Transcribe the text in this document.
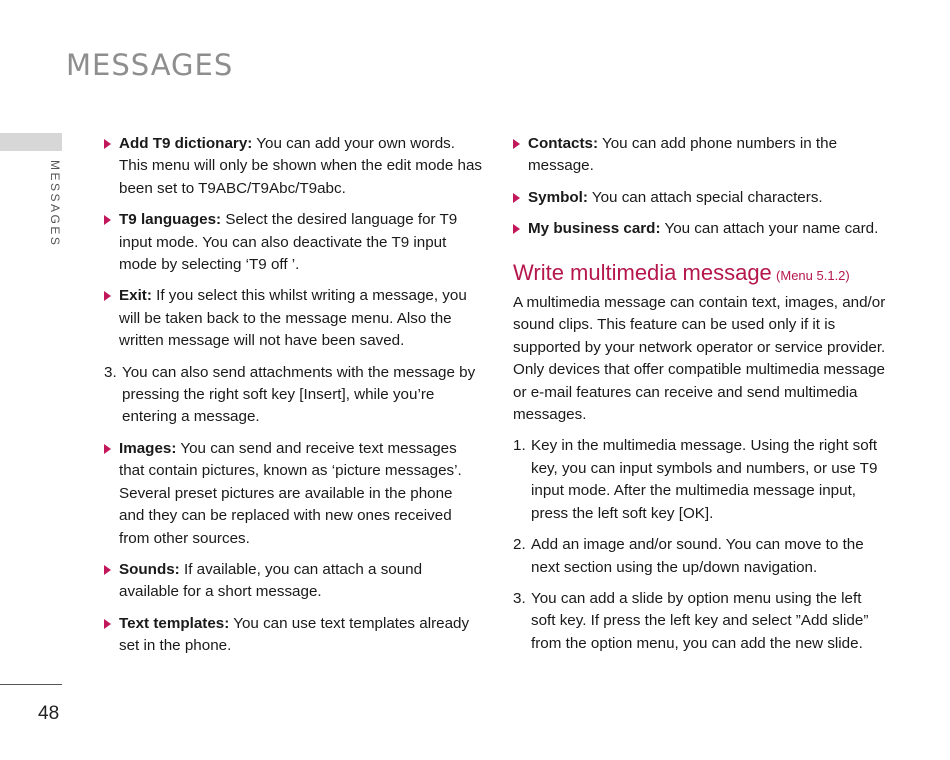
MESSAGES
MESSAGES
48
Add T9 dictionary: You can add your own words. This menu will only be shown when the edit mode has been set to T9ABC/T9Abc/T9abc.
T9 languages: Select the desired language for T9 input mode. You can also deactivate the T9 input mode by selecting ‘T9 off ’.
Exit: If you select this whilst writing a message, you will be taken back to the message menu. Also the written message will not have been saved.
3. You can also send attachments with the message by pressing the right soft key [Insert], while you’re entering a message.
Images: You can send and receive text messages that contain pictures, known as ‘picture messages’. Several preset pictures are available in the phone and they can be replaced with new ones received from other sources.
Sounds: If available, you can attach a sound available for a short message.
Text templates: You can use text templates already set in the phone.
Contacts: You can add phone numbers in the message.
Symbol: You can attach special characters.
My business card: You can attach your name card.
Write multimedia message (Menu 5.1.2)

A multimedia message can contain text, images, and/or sound clips. This feature can be used only if it is supported by your network operator or service provider. Only devices that offer compatible multimedia message or e-mail features can receive and send multimedia messages.

1. Key in the multimedia message. Using the right soft key, you can input symbols and numbers, or use T9 input mode. After the multimedia message input, press the left soft key [OK].
2. Add an image and/or sound. You can move to the next section using the up/down navigation.
3. You can add a slide by option menu using the left soft key. If press the left key and select ”Add slide” from the option menu, you can add the new slide.
